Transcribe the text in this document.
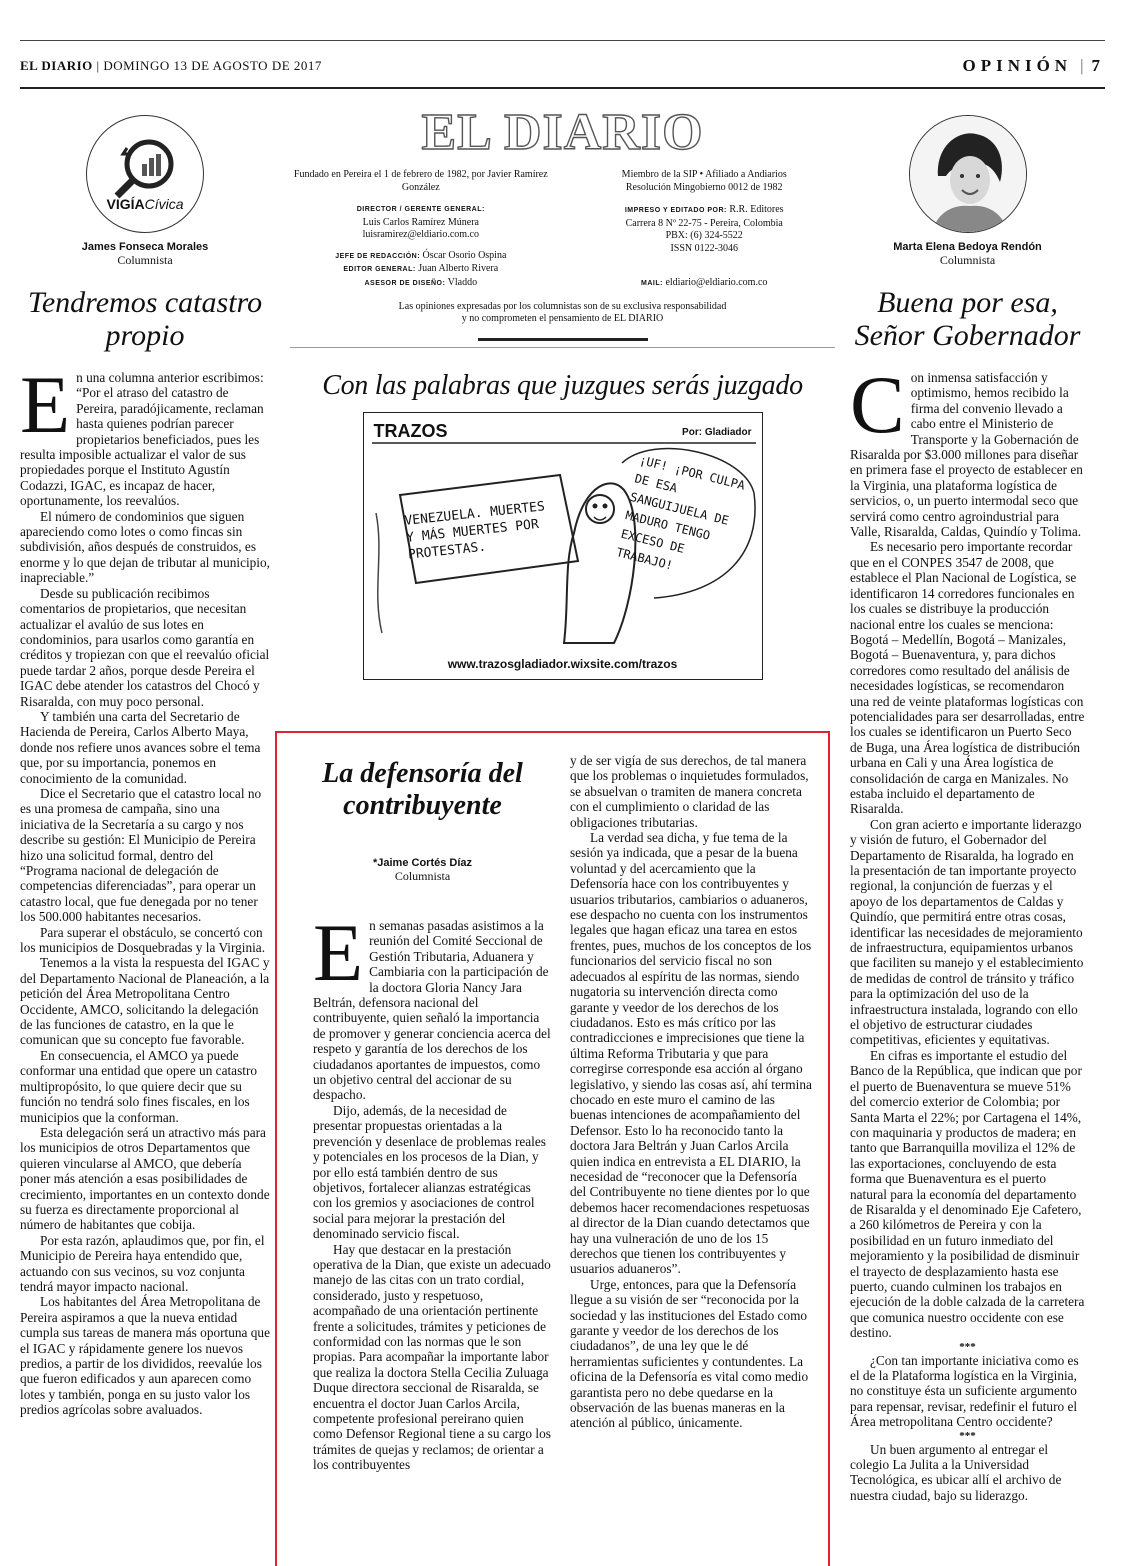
EL DIARIO | DOMINGO 13 DE AGOSTO DE 2017	OPINIÓN | 7
VIGÍACívica
James Fonseca Morales
Columnista
Tendremos catastro propio

En una columna anterior escribimos: “Por el atraso del catastro de Pereira, paradójicamente, reclaman hasta quienes podrían parecer propietarios beneficiados, pues les resulta imposible actualizar el valor de sus propiedades porque el Instituto Agustín Codazzi, IGAC, es incapaz de hacer, oportunamente, los reevalúos.

El número de condominios que siguen apareciendo como lotes o como fincas sin subdivisión, años después de construidos, es enorme y lo que dejan de tributar al municipio, inapreciable.”

Desde su publicación recibimos comentarios de propietarios, que necesitan actualizar el avalúo de sus lotes en condominios, para usarlos como garantía en créditos y tropiezan con que el reevalúo oficial puede tardar 2 años, porque desde Pereira el IGAC debe atender los catastros del Chocó y Risaralda, con muy poco personal.

Y también una carta del Secretario de Hacienda de Pereira, Carlos Alberto Maya, donde nos refiere unos avances sobre el tema que, por su importancia, ponemos en conocimiento de la comunidad.

Dice el Secretario que el catastro local no es una promesa de campaña, sino una iniciativa de la Secretaría a su cargo y nos describe su gestión: El Municipio de Pereira hizo una solicitud formal, dentro del “Programa nacional de delegación de competencias diferenciadas”, para operar un catastro local, que fue denegada por no tener los 500.000 habitantes necesarios.

Para superar el obstáculo, se concertó con los municipios de Dosquebradas y la Virginia.

Tenemos a la vista la respuesta del IGAC y del Departamento Nacional de Planeación, a la petición del Área Metropolitana Centro Occidente, AMCO, solicitando la delegación de las funciones de catastro, en la que le comunican que su concepto fue favorable.

En consecuencia, el AMCO ya puede conformar una entidad que opere un catastro multipropósito, lo que quiere decir que su función no tendrá solo fines fiscales, en los municipios que la conforman.

Esta delegación será un atractivo más para los municipios de otros Departamentos que quieren vincularse al AMCO, que debería poner más atención a esas posibilidades de crecimiento, importantes en un contexto donde su fuerza es directamente proporcional al número de habitantes que cobija.

Por esta razón, aplaudimos que, por fin, el Municipio de Pereira haya entendido que, actuando con sus vecinos, su voz conjunta tendrá mayor impacto nacional.

Los habitantes del Área Metropolitana de Pereira aspiramos a que la nueva entidad cumpla sus tareas de manera más oportuna que el IGAC y rápidamente genere los nuevos predios, a partir de los divididos, reevalúe los que fueron edificados y aun aparecen como lotes y también, ponga en su justo valor los predios agrícolas sobre avaluados.

EL DIARIO
Fundado en Pereira el 1 de febrero de 1982, por Javier Ramírez González
DIRECTOR / GERENTE GENERAL:
Luis Carlos Ramírez Múnera
luisramirez@eldiario.com.co
JEFE DE REDACCIÓN: Óscar Osorio Ospina
EDITOR GENERAL: Juan Alberto Rivera
ASESOR DE DISEÑO: Vladdo
Miembro de la SIP • Afiliado a Andiarios
Resolución Mingobierno 0012 de 1982
IMPRESO Y EDITADO POR: R.R. Editores
Carrera 8 Nº 22-75 - Pereira, Colombia
PBX: (6) 324-5522
ISSN 0122-3046
MAIL: eldiario@eldiario.com.co
Las opiniones expresadas por los columnistas son de su exclusiva responsabilidad
y no comprometen el pensamiento de EL DIARIO
Con las palabras que juzgues serás juzgado
TRAZOS	Por: Gladiador
VENEZUELA. MUERTES Y MÁS MUERTES POR PROTESTAS.
¡UF! ¡POR CULPA DE ESA SANGUIJUELA DE MADURO TENGO EXCESO DE TRABAJO!
www.trazosgladiador.wixsite.com/trazos
La defensoría del contribuyente
*Jaime Cortés Díaz
Columnista

En semanas pasadas asistimos a la reunión del Comité Seccional de Gestión Tributaria, Aduanera y Cambiaria con la participación de la doctora Gloria Nancy Jara Beltrán, defensora nacional del contribuyente, quien señaló la importancia de promover y generar conciencia acerca del respeto y garantía de los derechos de los ciudadanos aportantes de impuestos, como un objetivo central del accionar de su despacho.

Dijo, además, de la necesidad de presentar propuestas orientadas a la prevención y desenlace de problemas reales y potenciales en los procesos de la Dian, y por ello está también dentro de sus objetivos, fortalecer alianzas estratégicas con los gremios y asociaciones de control social para mejorar la prestación del denominado servicio fiscal.

Hay que destacar en la prestación operativa de la Dian, que existe un adecuado manejo de las citas con un trato cordial, considerado, justo y respetuoso, acompañado de una orientación pertinente frente a solicitudes, trámites y peticiones de conformidad con las normas que le son propias. Para acompañar la importante labor que realiza la doctora Stella Cecilia Zuluaga Duque directora seccional de Risaralda, se encuentra el doctor Juan Carlos Arcila, competente profesional pereirano quien como Defensor Regional tiene a su cargo los trámites de quejas y reclamos; de orientar a los contribuyentes

y de ser vigía de sus derechos, de tal manera que los problemas o inquietudes formulados, se absuelvan o tramiten de manera concreta con el cumplimiento o claridad de las obligaciones tributarias.

La verdad sea dicha, y fue tema de la sesión ya indicada, que a pesar de la buena voluntad y del acercamiento que la Defensoría hace con los contribuyentes y usuarios tributarios, cambiarios o aduaneros, ese despacho no cuenta con los instrumentos legales que hagan eficaz una tarea en estos frentes, pues, muchos de los conceptos de los funcionarios del servicio fiscal no son adecuados al espíritu de las normas, siendo nugatoria su intervención directa como garante y veedor de los derechos de los ciudadanos. Esto es más crítico por las contradicciones e imprecisiones que tiene la última Reforma Tributaria y que para corregirse corresponde esa acción al órgano legislativo, y siendo las cosas así, ahí termina chocado en este muro el camino de las buenas intenciones de acompañamiento del Defensor. Esto lo ha reconocido tanto la doctora Jara Beltrán y Juan Carlos Arcila quien indica en entrevista a EL DIARIO, la necesidad de “reconocer que la Defensoría del Contribuyente no tiene dientes por lo que debemos hacer recomendaciones respetuosas al director de la Dian cuando detectamos que hay una vulneración de uno de los 15 derechos que tienen los contribuyentes y usuarios aduaneros”.

Urge, entonces, para que la Defensoría llegue a su visión de ser “reconocida por la sociedad y las instituciones del Estado como garante y veedor de los derechos de los ciudadanos”, de una ley que le dé herramientas suficientes y contundentes. La oficina de la Defensoría es vital como medio garantista pero no debe quedarse en la observación de las buenas maneras en la atención al público, únicamente.

Marta Elena Bedoya Rendón
Columnista
Buena por esa, Señor Gobernador

Con inmensa satisfacción y optimismo, hemos recibido la firma del convenio llevado a cabo entre el Ministerio de Transporte y la Gobernación de Risaralda por $3.000 millones para diseñar en primera fase el proyecto de establecer en la Virginia, una plataforma logística de servicios, o, un puerto intermodal seco que servirá como centro agroindustrial para Valle, Risaralda, Caldas, Quindío y Tolima.

Es necesario pero importante recordar que en el CONPES 3547 de 2008, que establece el Plan Nacional de Logística, se identificaron 14 corredores funcionales en los cuales se distribuye la producción nacional entre los cuales se menciona: Bogotá – Medellín, Bogotá – Manizales, Bogotá – Buenaventura, y, para dichos corredores como resultado del análisis de necesidades logísticas, se recomendaron una red de veinte plataformas logísticas con potencialidades para ser desarrolladas, entre los cuales se identificaron un Puerto Seco de Buga, una Área logística de distribución urbana en Cali y una Área logística de consolidación de carga en Manizales. No estaba incluido el departamento de Risaralda.

Con gran acierto e importante liderazgo y visión de futuro, el Gobernador del Departamento de Risaralda, ha logrado en la presentación de tan importante proyecto regional, la conjunción de fuerzas y el apoyo de los departamentos de Caldas y Quindío, que permitirá entre otras cosas, identificar las necesidades de mejoramiento de infraestructura, equipamientos urbanos que faciliten su manejo y el establecimiento de medidas de control de tránsito y tráfico para la optimización del uso de la infraestructura instalada, logrando con ello el objetivo de estructurar ciudades competitivas, eficientes y equitativas.

En cifras es importante el estudio del Banco de la República, que indican que por el puerto de Buenaventura se mueve 51% del comercio exterior de Colombia; por Santa Marta el 22%; por Cartagena el 14%, con maquinaria y productos de madera; en tanto que Barranquilla moviliza el 12% de las exportaciones, concluyendo de esta forma que Buenaventura es el puerto natural para la economía del departamento de Risaralda y el denominado Eje Cafetero, a 260 kilómetros de Pereira y con la posibilidad en un futuro inmediato del mejoramiento y la posibilidad de disminuir el trayecto de desplazamiento hasta ese puerto, cuando culminen los trabajos en ejecución de la doble calzada de la carretera que comunica nuestro occidente con ese destino.

***

¿Con tan importante iniciativa como es el de la Plataforma logística en la Virginia, no constituye ésta un suficiente argumento para repensar, revisar, redefinir el futuro el Área metropolitana Centro occidente?

***

Un buen argumento al entregar el colegio La Julita a la Universidad Tecnológica, es ubicar allí el archivo de nuestra ciudad, bajo su liderazgo.
